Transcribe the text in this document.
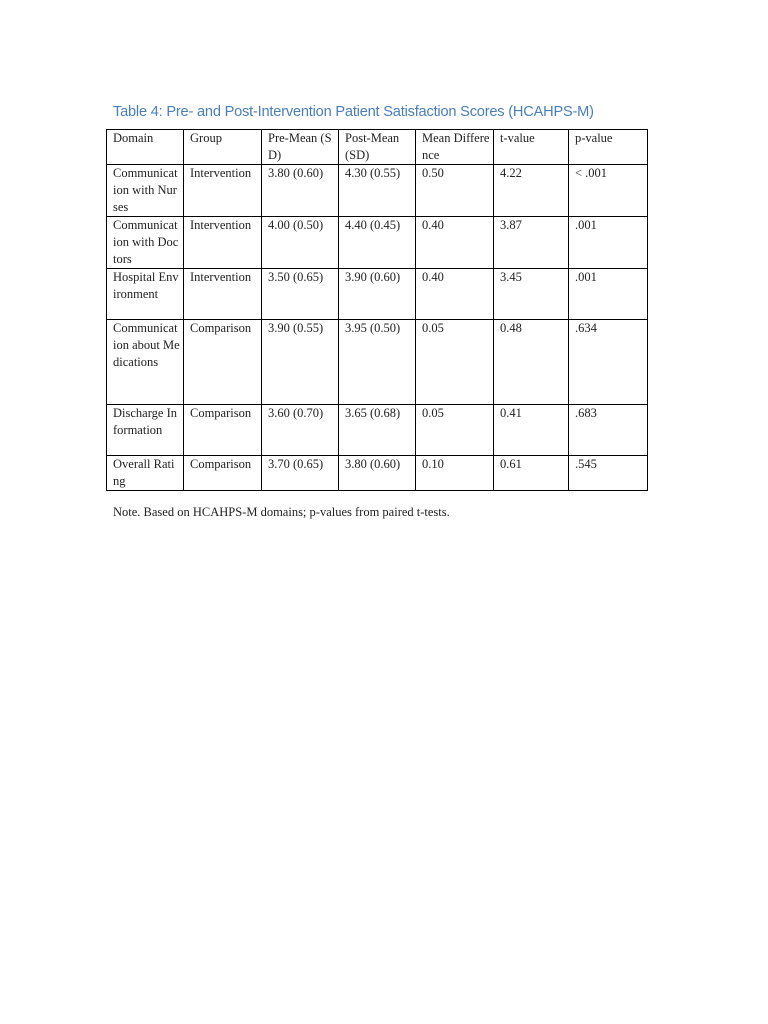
Table 4: Pre- and Post-Intervention Patient Satisfaction Scores (HCAHPS-M)
Domain	Group	Pre-Mean (SD)	Post-Mean (SD)	Mean Difference	t-value	p-value
Communication with Nurses	Intervention	3.80 (0.60)	4.30 (0.55)	0.50	4.22	< .001
Communication with Doctors	Intervention	4.00 (0.50)	4.40 (0.45)	0.40	3.87	.001
Hospital Environment	Intervention	3.50 (0.65)	3.90 (0.60)	0.40	3.45	.001
Communication about Medications	Comparison	3.90 (0.55)	3.95 (0.50)	0.05	0.48	.634
Discharge Information	Comparison	3.60 (0.70)	3.65 (0.68)	0.05	0.41	.683
Overall Rating	Comparison	3.70 (0.65)	3.80 (0.60)	0.10	0.61	.545
Note. Based on HCAHPS-M domains; p-values from paired t-tests.
